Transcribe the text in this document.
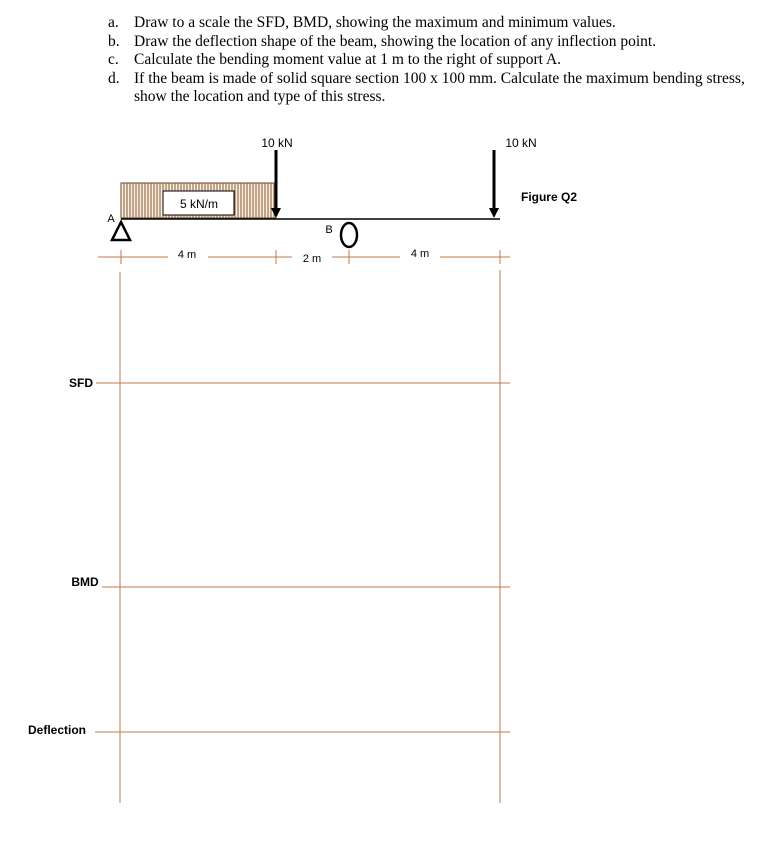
a. Draw to a scale the SFD, BMD, showing the maximum and minimum values.
b. Draw the deflection shape of the beam, showing the location of any inflection point.
c. Calculate the bending moment value at 1 m to the right of support A.
d. If the beam is made of solid square section 100 x 100 mm. Calculate the maximum bending stress, show the location and type of this stress.
5 kN/m
10 kN	10 kN
A
B
4 m	2 m	4 m
Figure Q2
SFD
BMD
Deflection
